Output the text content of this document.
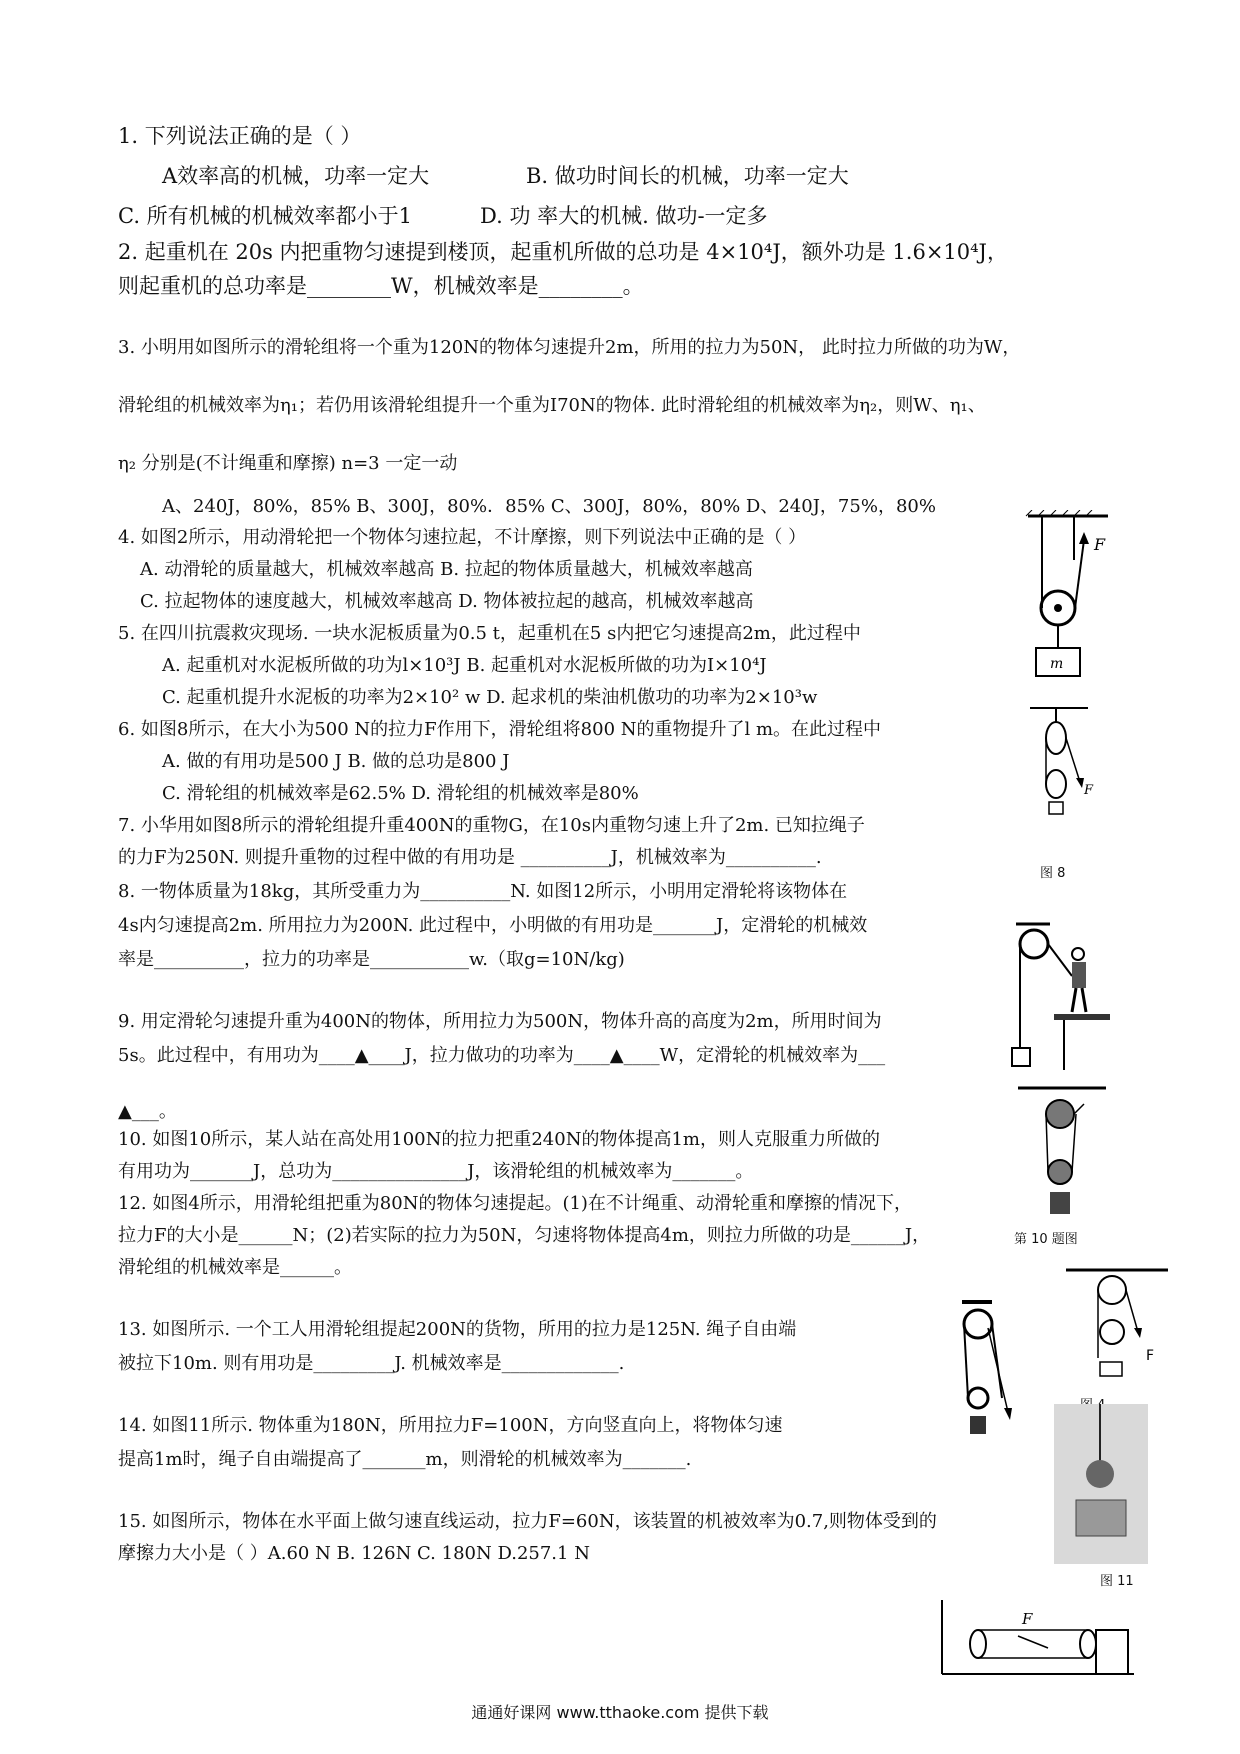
1. 下列说法正确的是（ ）
A效率高的机械，功率一定大	B. 做功时间长的机械，功率一定大
C. 所有机械的机械效率都小于1	D. 功 率大的机械. 做功-一定多
2. 起重机在 20s 内把重物匀速提到楼顶，起重机所做的总功是 4×10⁴J，额外功是 1.6×10⁴J，
则起重机的总功率是________W，机械效率是________。
3. 小明用如图所示的滑轮组将一个重为120N的物体匀速提升2m，所用的拉力为50N， 此时拉力所做的功为W，
滑轮组的机械效率为η₁；若仍用该滑轮组提升一个重为I70N的物体. 此时滑轮组的机械效率为η₂，则W、η₁、
η₂ 分别是(不计绳重和摩擦) n=3 一定一动
A、240J，80%，85% B、300J，80%．85% C、300J，80%，80% D、240J，75%，80%
4. 如图2所示，用动滑轮把一个物体匀速拉起，不计摩擦，则下列说法中正确的是（ ）
A. 动滑轮的质量越大，机械效率越高 B. 拉起的物体质量越大，机械效率越高
C. 拉起物体的速度越大，机械效率越高 D. 物体被拉起的越高，机械效率越高
5. 在四川抗震救灾现场. 一块水泥板质量为0.5 t，起重机在5 s内把它匀速提高2m，此过程中
A. 起重机对水泥板所做的功为l×10³J B. 起重机对水泥板所做的功为I×10⁴J
C. 起重机提升水泥板的功率为2×10² w D. 起求机的柴油机傲功的功率为2×10³w
6. 如图8所示，在大小为500 N的拉力F作用下，滑轮组将800 N的重物提升了l m。在此过程中
A. 做的有用功是500 J B. 做的总功是800 J
C. 滑轮组的机械效率是62.5% D. 滑轮组的机械效率是80%
7. 小华用如图8所示的滑轮组提升重400N的重物G，在10s内重物匀速上升了2m. 已知拉绳子
的力F为250N. 则提升重物的过程中做的有用功是 __________J，机械效率为__________.
8. 一物体质量为18kg，其所受重力为__________N. 如图12所示，小明用定滑轮将该物体在
4s内匀速提高2m. 所用拉力为200N. 此过程中，小明做的有用功是_______J，定滑轮的机械效
率是__________，拉力的功率是___________w.（取g=10N/kg)
9. 用定滑轮匀速提升重为400N的物体，所用拉力为500N，物体升高的高度为2m，所用时间为
5s。此过程中，有用功为____▲____J，拉力做功的功率为____▲____W，定滑轮的机械效率为___
▲___。
10. 如图10所示，某人站在高处用100N的拉力把重240N的物体提高1m，则人克服重力所做的
有用功为_______J，总功为_______________J，该滑轮组的机械效率为_______。
12. 如图4所示，用滑轮组把重为80N的物体匀速提起。(1)在不计绳重、动滑轮重和摩擦的情况下，
拉力F的大小是______N；(2)若实际的拉力为50N，匀速将物体提高4m，则拉力所做的功是______J，
滑轮组的机械效率是______。
13. 如图所示. 一个工人用滑轮组提起200N的货物，所用的拉力是125N. 绳子自由端
被拉下10m. 则有用功是_________J. 机械效率是_____________.
14. 如图11所示. 物体重为180N，所用拉力F=100N，方向竖直向上，将物体匀速
提高1m时，绳子自由端提高了_______m，则滑轮的机械效率为_______.
15. 如图所示，物体在水平面上做匀速直线运动，拉力F=60N，该装置的机被效率为0.7,则物体受到的
摩擦力大小是（ ）A.60 N B. 126N C. 180N D.257.1 N
F
m
F
图 8
第 10 题图
F
图 11
F
通通好课网 www.tthaoke.com 提供下载
